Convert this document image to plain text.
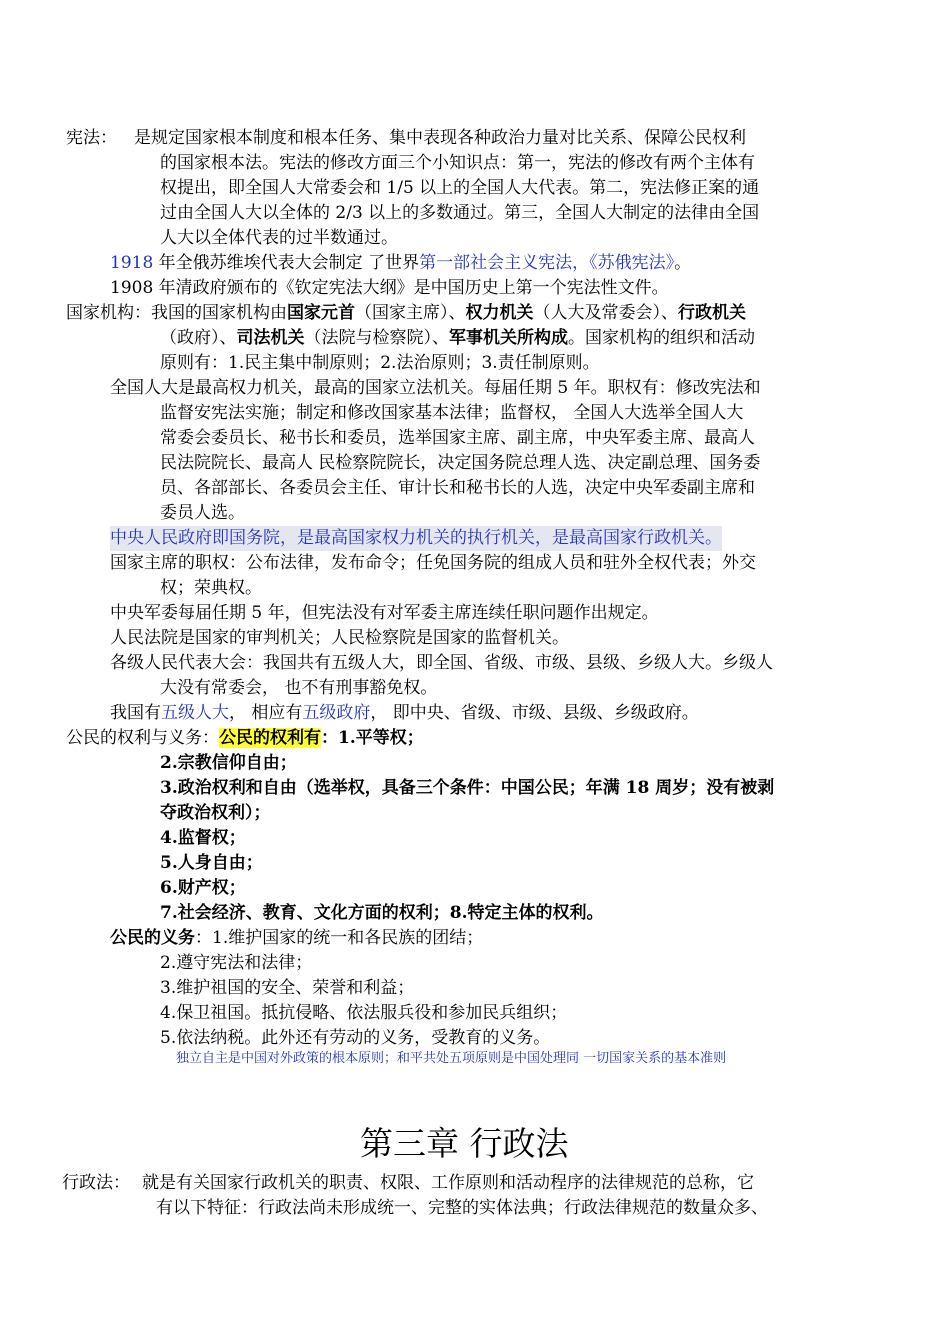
宪法： 是规定国家根本制度和根本任务、集中表现各种政治力量对比关系、保障公民权利
的国家根本法。宪法的修改方面三个小知识点：第一，宪法的修改有两个主体有
权提出，即全国人大常委会和 1/5 以上的全国人大代表。第二，宪法修正案的通
过由全国人大以全体的 2/3 以上的多数通过。第三，全国人大制定的法律由全国
人大以全体代表的过半数通过。
1918 年全俄苏维埃代表大会制定 了世界第一部社会主义宪法，《苏俄宪法》。
1908 年清政府颁布的《钦定宪法大纲》是中国历史上第一个宪法性文件。
国家机构：我国的国家机构由国家元首（国家主席）、权力机关（人大及常委会）、行政机关
（政府）、司法机关（法院与检察院）、军事机关所构成。国家机构的组织和活动
原则有：1.民主集中制原则；2.法治原则；3.责任制原则。
全国人大是最高权力机关，最高的国家立法机关。每届任期 5 年。职权有：修改宪法和
监督安宪法实施；制定和修改国家基本法律；监督权， 全国人大选举全国人大
常委会委员长、秘书长和委员，选举国家主席、副主席，中央军委主席、最高人
民法院院长、最高人 民检察院院长，决定国务院总理人选、决定副总理、国务委
员、各部部长、各委员会主任、审计长和秘书长的人选，决定中央军委副主席和
委员人选。
中央人民政府即国务院，是最高国家权力机关的执行机关，是最高国家行政机关。
国家主席的职权：公布法律，发布命令；任免国务院的组成人员和驻外全权代表；外交
权；荣典权。
中央军委每届任期 5 年，但宪法没有对军委主席连续任职问题作出规定。
人民法院是国家的审判机关；人民检察院是国家的监督机关。
各级人民代表大会：我国共有五级人大，即全国、省级、市级、县级、乡级人大。乡级人
大没有常委会， 也不有刑事豁免权。
我国有五级人大， 相应有五级政府， 即中央、省级、市级、县级、乡级政府。
公民的权利与义务：公民的权利有：1.平等权；
2.宗教信仰自由；
3.政治权利和自由（选举权，具备三个条件：中国公民；年满 18 周岁；没有被剥
夺政治权利）；
4.监督权；
5.人身自由；
6.财产权；
7.社会经济、教育、文化方面的权利；8.特定主体的权利。
公民的义务：1.维护国家的统一和各民族的团结；
2.遵守宪法和法律；
3.维护祖国的安全、荣誉和利益；
4.保卫祖国。抵抗侵略、依法服兵役和参加民兵组织；
5.依法纳税。此外还有劳动的义务，受教育的义务。
独立自主是中国对外政策的根本原则；和平共处五项原则是中国处理同 一切国家关系的基本准则
第三章 行政法
行政法： 就是有关国家行政机关的职责、权限、工作原则和活动程序的法律规范的总称，它
有以下特征：行政法尚未形成统一、完整的实体法典；行政法律规范的数量众多、
